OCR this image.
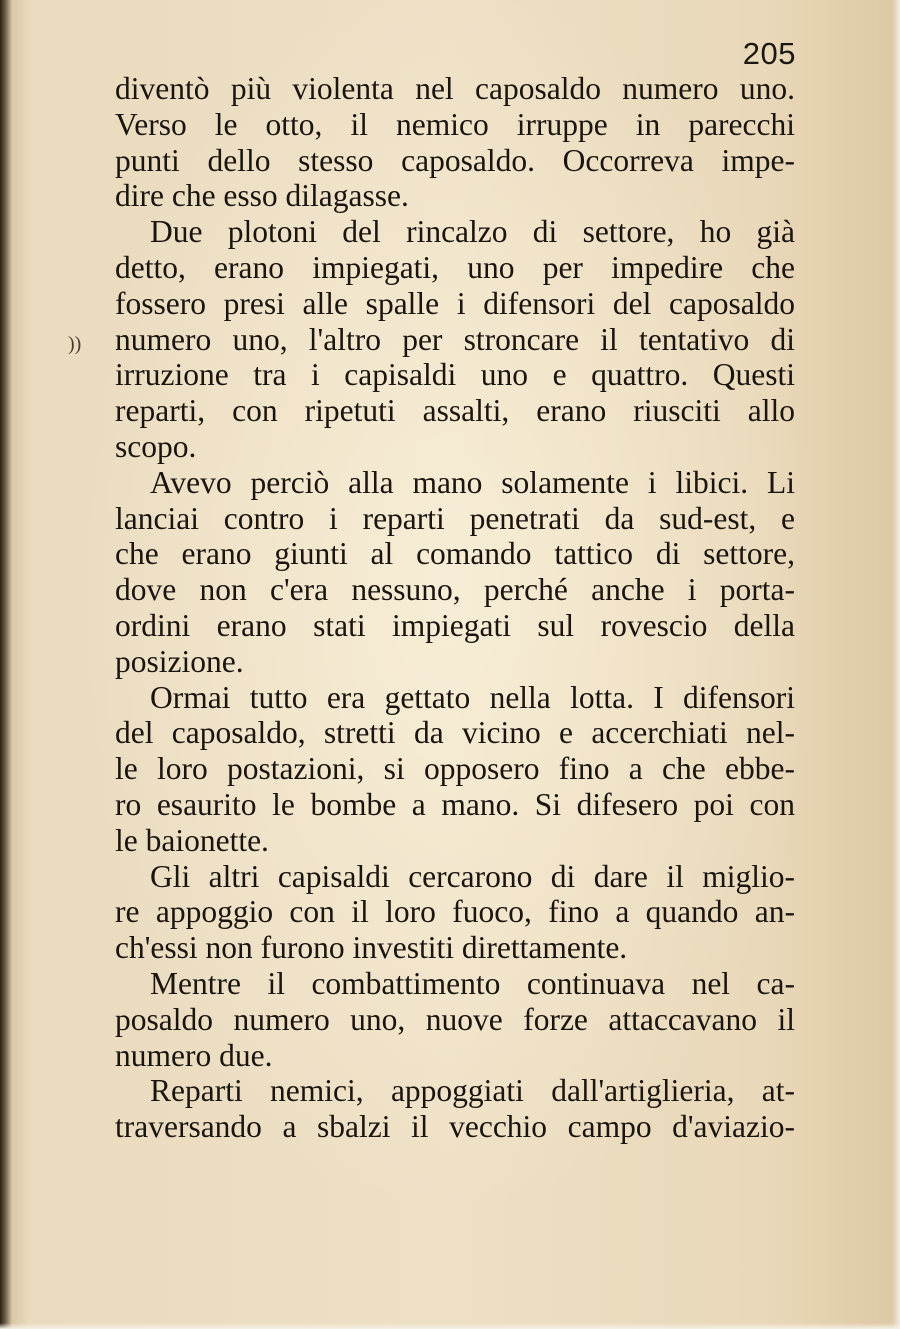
205
))
diventò più violenta nel caposaldo numero uno.
Verso le otto, il nemico irruppe in parecchi
punti dello stesso caposaldo. Occorreva impe-
dire che esso dilagasse.
Due plotoni del rincalzo di settore, ho già
detto, erano impiegati, uno per impedire che
fossero presi alle spalle i difensori del caposaldo
numero uno, l'altro per stroncare il tentativo di
irruzione tra i capisaldi uno e quattro. Questi
reparti, con ripetuti assalti, erano riusciti allo
scopo.
Avevo perciò alla mano solamente i libici. Li
lanciai contro i reparti penetrati da sud-est, e
che erano giunti al comando tattico di settore,
dove non c'era nessuno, perché anche i porta-
ordini erano stati impiegati sul rovescio della
posizione.
Ormai tutto era gettato nella lotta. I difensori
del caposaldo, stretti da vicino e accerchiati nel-
le loro postazioni, si opposero fino a che ebbe-
ro esaurito le bombe a mano. Si difesero poi con
le baionette.
Gli altri capisaldi cercarono di dare il miglio-
re appoggio con il loro fuoco, fino a quando an-
ch'essi non furono investiti direttamente.
Mentre il combattimento continuava nel ca-
posaldo numero uno, nuove forze attaccavano il
numero due.
Reparti nemici, appoggiati dall'artiglieria, at-
traversando a sbalzi il vecchio campo d'aviazio-
